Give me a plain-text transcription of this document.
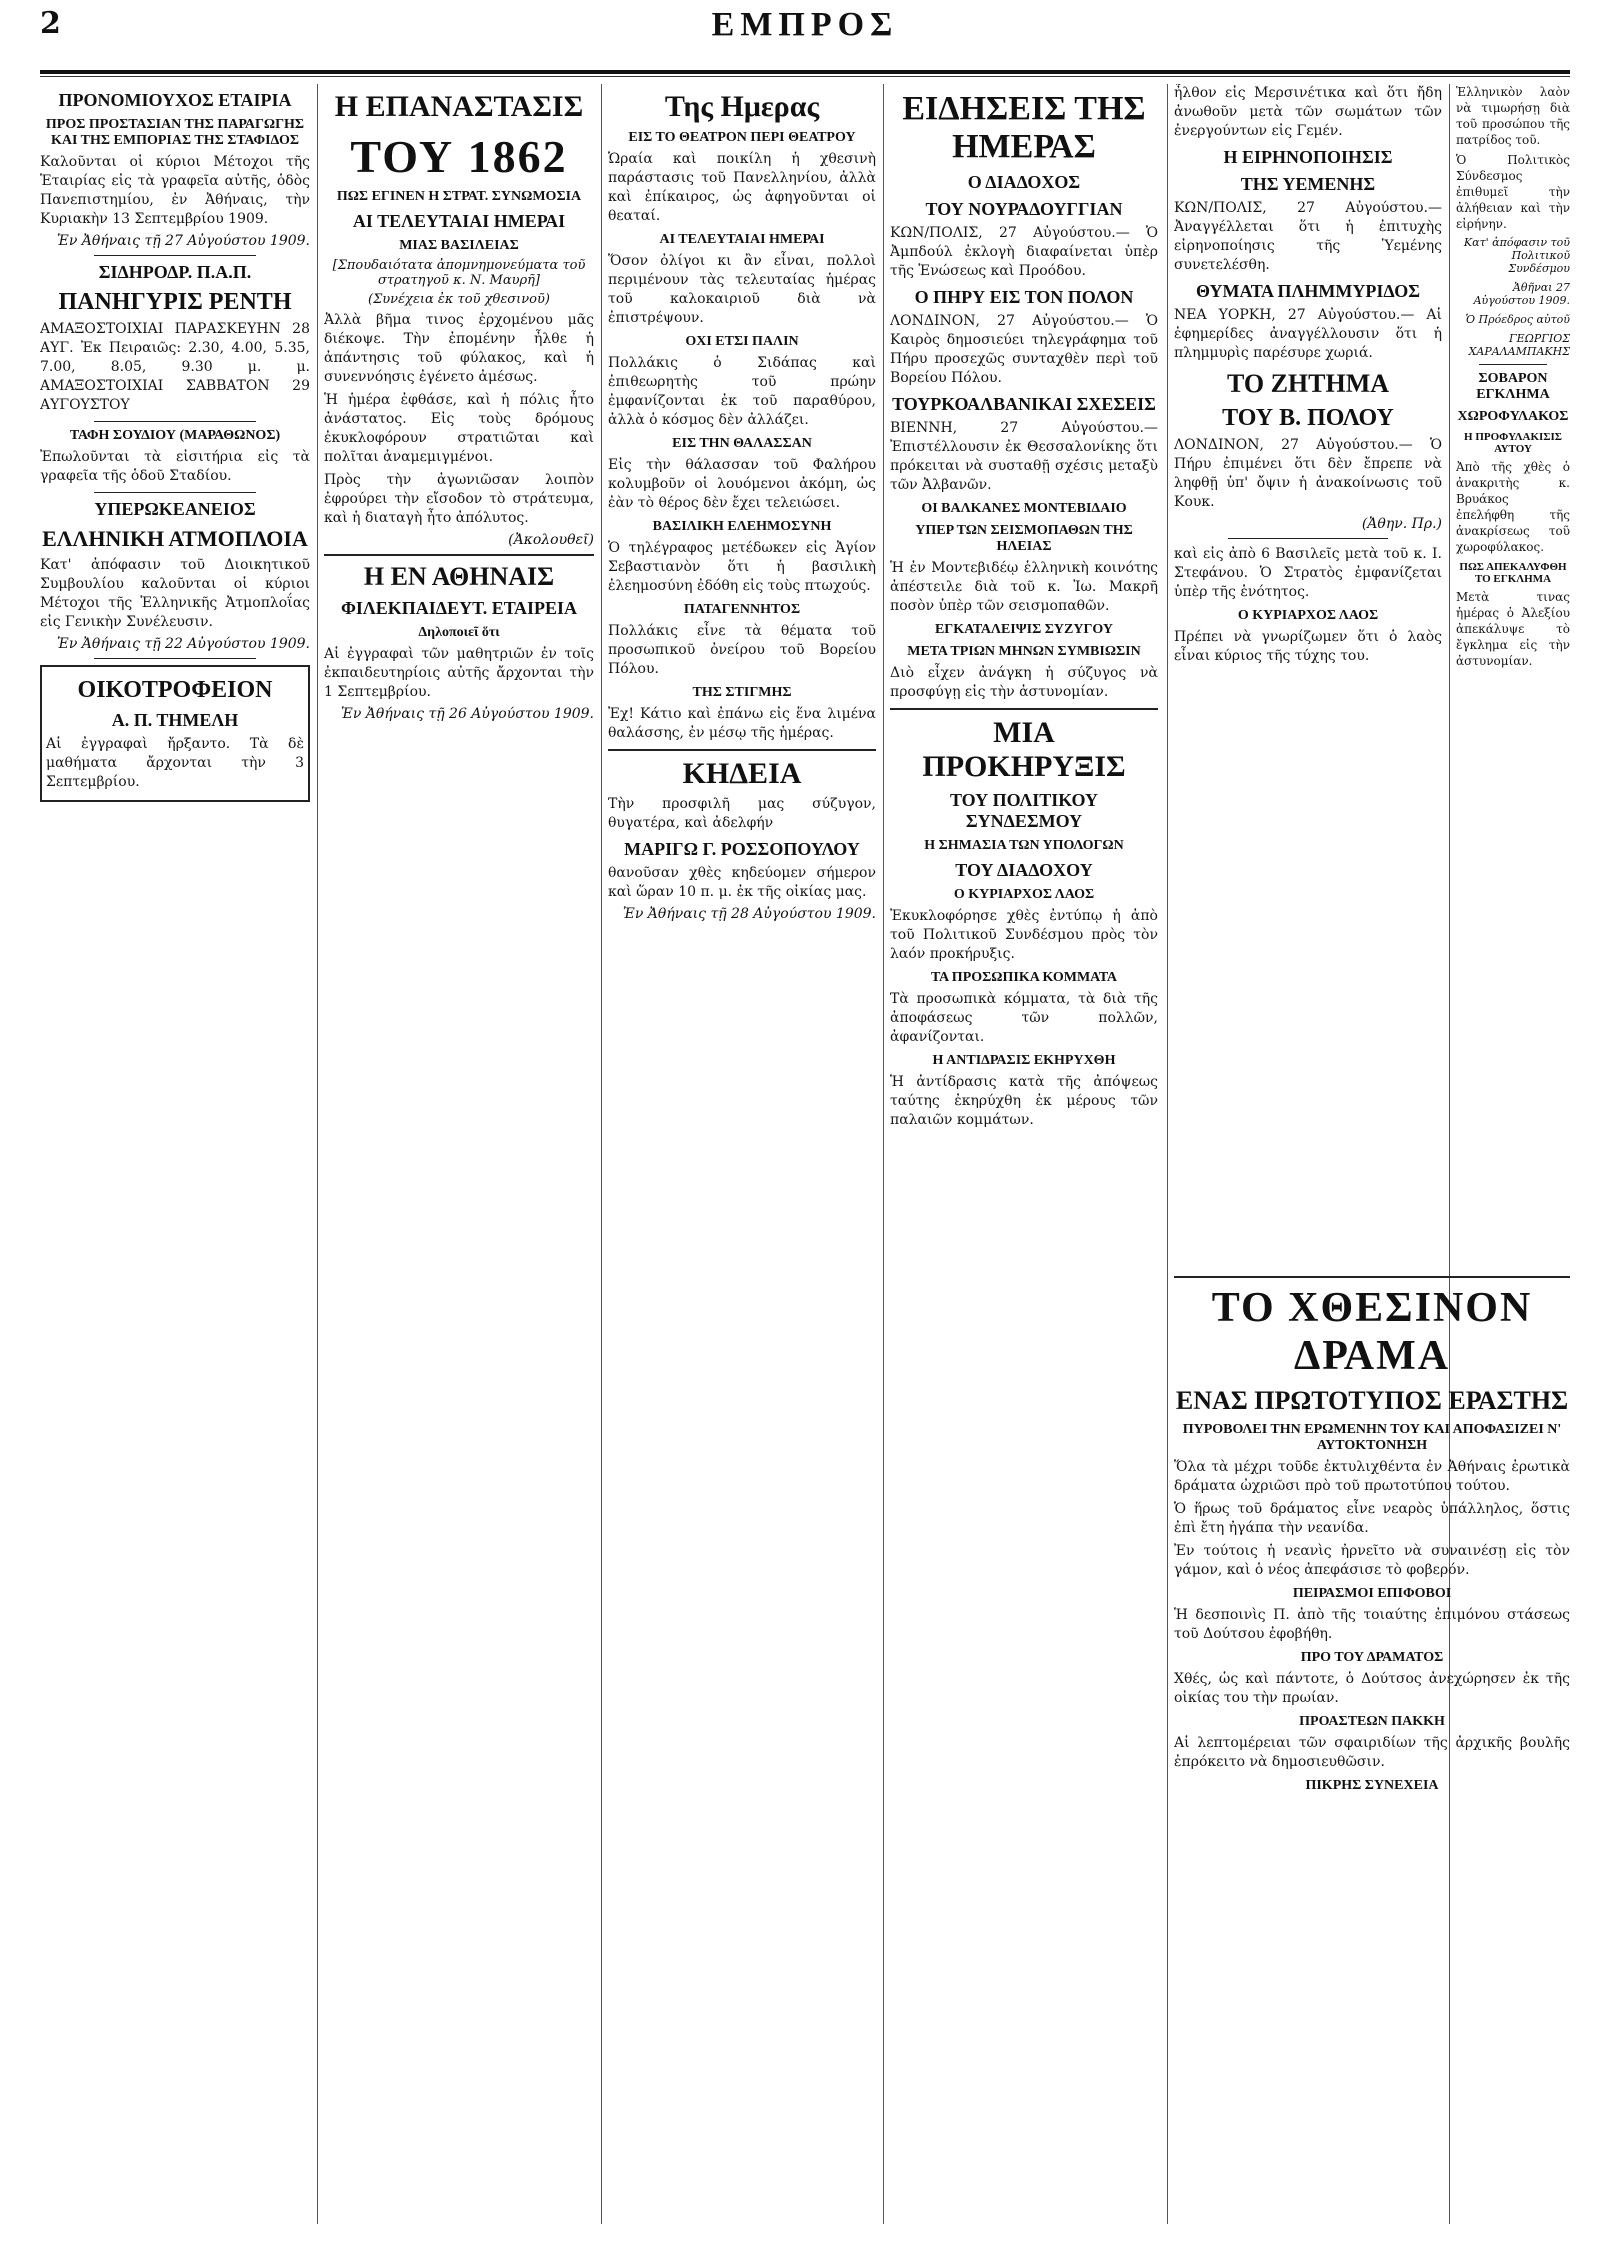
2	ΕΜΠΡΟΣ
ΠΡΟΝΟΜΙΟΥΧΟΣ ΕΤΑΙΡΙΑ
ΠΡΟΣ ΠΡΟΣΤΑΣΙΑΝ ΤΗΣ ΠΑΡΑΓΩΓΗΣ ΚΑΙ ΤΗΣ ΕΜΠΟΡΙΑΣ ΤΗΣ ΣΤΑΦΙΔΟΣ

Καλοῦνται οἱ κύριοι Μέτοχοι τῆς Ἑταιρίας εἰς τὰ γραφεῖα αὐτῆς, ὁδὸς Πανεπιστημίου, ἐν Ἀθήναις, τὴν Κυριακὴν 13 Σεπτεμβρίου 1909.

Ἐν Ἀθήναις τῇ 27 Αὐγούστου 1909.
ΣΙΔΗΡΟΔΡ. Π.Α.Π.
ΠΑΝΗΓΥΡΙΣ ΡΕΝΤΗ

ΑΜΑΞΟΣΤΟΙΧΙΑΙ ΠΑΡΑΣΚΕΥΗΝ 28 ΑΥΓ. Ἐκ Πειραιῶς: 2.30, 4.00, 5.35, 7.00, 8.05, 9.30 μ. μ. ΑΜΑΞΟΣΤΟΙΧΙΑΙ ΣΑΒΒΑΤΟΝ 29 ΑΥΓΟΥΣΤΟΥ

ΤΑΦΗ ΣΟΥΔΙΟΥ (ΜΑΡΑΘΩΝΟΣ)

Ἐπωλοῦνται τὰ εἰσιτήρια εἰς τὰ γραφεῖα τῆς ὁδοῦ Σταδίου.

ΥΠΕΡΩΚΕΑΝΕΙΟΣ
ΕΛΛΗΝΙΚΗ ΑΤΜΟΠΛΟΙΑ

Κατ' ἀπόφασιν τοῦ Διοικητικοῦ Συμβουλίου καλοῦνται οἱ κύριοι Μέτοχοι τῆς Ἑλληνικῆς Ἀτμοπλοΐας εἰς Γενικὴν Συνέλευσιν.

Ἐν Ἀθήναις τῇ 22 Αὐγούστου 1909.
ΟΙΚΟΤΡΟΦΕΙΟΝ
Α. Π. ΤΗΜΕΛΗ

Αἱ ἐγγραφαὶ ἤρξαντο. Τὰ δὲ μαθήματα ἄρχονται τὴν 3 Σεπτεμβρίου.

Η ΕΠΑΝΑΣΤΑΣΙΣ
ΤΟΥ 1862
ΠΩΣ ΕΓΙΝΕΝ Η ΣΤΡΑΤ. ΣΥΝΩΜΟΣΙΑ
ΑΙ ΤΕΛΕΥΤΑΙΑΙ ΗΜΕΡΑΙ
ΜΙΑΣ ΒΑΣΙΛΕΙΑΣ
[Σπουδαιότατα ἀπομνημονεύματα τοῦ στρατηγοῦ κ. Ν. Μαυρῆ]
(Συνέχεια ἐκ τοῦ χθεσινοῦ)

Ἀλλὰ βῆμα τινος ἐρχομένου μᾶς διέκοψε. Τὴν ἐπομένην ἦλθε ἡ ἀπάντησις τοῦ φύλακος, καὶ ἡ συνεννόησις ἐγένετο ἀμέσως.

Ἡ ἡμέρα ἐφθάσε, καὶ ἡ πόλις ἦτο ἀνάστατος. Εἰς τοὺς δρόμους ἐκυκλοφόρουν στρατιῶται καὶ πολῖται ἀναμεμιγμένοι.

Πρὸς τὴν ἀγωνιῶσαν λοιπὸν ἐφρούρει τὴν εἴσοδον τὸ στράτευμα, καὶ ἡ διαταγὴ ἦτο ἀπόλυτος.

(Ἀκολουθεῖ)
Η ΕΝ ΑΘΗΝΑΙΣ
ΦΙΛΕΚΠΑΙΔΕΥΤ. ΕΤΑΙΡΕΙΑ
Δηλοποιεῖ ὅτι

Αἱ ἐγγραφαὶ τῶν μαθητριῶν ἐν τοῖς ἐκπαιδευτηρίοις αὐτῆς ἄρχονται τὴν 1 Σεπτεμβρίου.

Ἐν Ἀθήναις τῇ 26 Αὐγούστου 1909.
Της Ημερας
ΕΙΣ ΤΟ ΘΕΑΤΡΟΝ ΠΕΡΙ ΘΕΑΤΡΟΥ

Ὡραία καὶ ποικίλη ἡ χθεσινὴ παράστασις τοῦ Πανελληνίου, ἀλλὰ καὶ ἐπίκαιρος, ὡς ἀφηγοῦνται οἱ θεαταί.

ΑΙ ΤΕΛΕΥΤΑΙΑΙ ΗΜΕΡΑΙ

Ὅσον ὀλίγοι κι ἂν εἶναι, πολλοὶ περιμένουν τὰς τελευταίας ἡμέρας τοῦ καλοκαιριοῦ διὰ νὰ ἐπιστρέψουν.

ΟΧΙ ΕΤΣΙ ΠΑΛΙΝ

Πολλάκις ὁ Σιδάπας καὶ ἐπιθεωρητὴς τοῦ πρώην ἐμφανίζονται ἐκ τοῦ παραθύρου, ἀλλὰ ὁ κόσμος δὲν ἀλλάζει.

ΕΙΣ ΤΗΝ ΘΑΛΑΣΣΑΝ

Εἰς τὴν θάλασσαν τοῦ Φαλήρου κολυμβοῦν οἱ λουόμενοι ἀκόμη, ὡς ἐὰν τὸ θέρος δὲν ἔχει τελειώσει.

ΒΑΣΙΛΙΚΗ ΕΛΕΗΜΟΣΥΝΗ

Ὁ τηλέγραφος μετέδωκεν εἰς Ἀγίον Σεβαστιανὸν ὅτι ἡ βασιλικὴ ἐλεημοσύνη ἐδόθη εἰς τοὺς πτωχούς.

ΠΑΤΑΓΕΝΝΗΤΟΣ

Πολλάκις εἶνε τὰ θέματα τοῦ προσωπικοῦ ὀνείρου τοῦ Βορείου Πόλου.

ΤΗΣ ΣΤΙΓΜΗΣ

Ἐχ! Κάτιο καὶ ἐπάνω εἰς ἕνα λιμένα θαλάσσης, ἐν μέσῳ τῆς ἡμέρας.

ΚΗΔΕΙΑ

Τὴν προσφιλῆ μας σύζυγον, θυγατέρα, καὶ ἀδελφήν

ΜΑΡΙΓΩ Γ. ΡΟΣΣΟΠΟΥΛΟΥ

θανοῦσαν χθὲς κηδεύομεν σήμερον καὶ ὥραν 10 π. μ. ἐκ τῆς οἰκίας μας.

Ἐν Ἀθήναις τῇ 28 Αὐγούστου 1909.
ΕΙΔΗΣΕΙΣ ΤΗΣ ΗΜΕΡΑΣ
Ο ΔΙΑΔΟΧΟΣ
ΤΟΥ ΝΟΥΡΑΔΟΥΓΓΙΑΝ

ΚΩΝ/ΠΟΛΙΣ, 27 Αὐγούστου.— Ὁ Ἀμπδούλ ἐκλογὴ διαφαίνεται ὑπὲρ τῆς Ἑνώσεως καὶ Προόδου.

Ο ΠΗΡΥ ΕΙΣ ΤΟΝ ΠΟΛΟΝ

ΛΟΝΔΙΝΟΝ, 27 Αὐγούστου.— Ὁ Καιρὸς δημοσιεύει τηλεγράφημα τοῦ Πήρυ προσεχῶς συνταχθὲν περὶ τοῦ Βορείου Πόλου.

ΤΟΥΡΚΟΑΛΒΑΝΙΚΑΙ ΣΧΕΣΕΙΣ

ΒΙΕΝΝΗ, 27 Αὐγούστου.— Ἐπιστέλλουσιν ἐκ Θεσσαλονίκης ὅτι πρόκειται νὰ συσταθῇ σχέσις μεταξὺ τῶν Ἀλβανῶν.

ΟΙ ΒΑΛΚΑΝΕΣ ΜΟΝΤΕΒΙΔΑΙΟ
ΥΠΕΡ ΤΩΝ ΣΕΙΣΜΟΠΑΘΩΝ ΤΗΣ ΗΛΕΙΑΣ

Ἡ ἐν Μοντεβιδέῳ ἑλληνικὴ κοινότης ἀπέστειλε διὰ τοῦ κ. Ἰω. Μακρῆ ποσὸν ὑπὲρ τῶν σεισμοπαθῶν.

ΕΓΚΑΤΑΛΕΙΨΙΣ ΣΥΖΥΓΟΥ
ΜΕΤΑ ΤΡΙΩΝ ΜΗΝΩΝ ΣΥΜΒΙΩΣΙΝ

Διὸ εἶχεν ἀνάγκη ἡ σύζυγος νὰ προσφύγῃ εἰς τὴν ἀστυνομίαν.

ΜΙΑ ΠΡΟΚΗΡΥΞΙΣ
ΤΟΥ ΠΟΛΙΤΙΚΟΥ ΣΥΝΔΕΣΜΟΥ
Η ΣΗΜΑΣΙΑ ΤΩΝ ΥΠΟΛΟΓΩΝ
ΤΟΥ ΔΙΑΔΟΧΟΥ
Ο ΚΥΡΙΑΡΧΟΣ ΛΑΟΣ

Ἐκυκλοφόρησε χθὲς ἐντύπῳ ἡ ἀπὸ τοῦ Πολιτικοῦ Συνδέσμου πρὸς τὸν λαόν προκήρυξις.

ΤΑ ΠΡΟΣΩΠΙΚΑ ΚΟΜΜΑΤΑ

Τὰ προσωπικὰ κόμματα, τὰ διὰ τῆς ἀποφάσεως τῶν πολλῶν, ἀφανίζονται.

Η ΑΝΤΙΔΡΑΣΙΣ ΕΚΗΡΥΧΘΗ

Ἡ ἀντίδρασις κατὰ τῆς ἀπόψεως ταύτης ἐκηρύχθη ἐκ μέρους τῶν παλαιῶν κομμάτων.

ἦλθον εἰς Μερσινέτικα καὶ ὅτι ἤδη ἀνωθοῦν μετὰ τῶν σωμάτων τῶν ἐνεργούντων εἰς Γεμέν.

Η ΕΙΡΗΝΟΠΟΙΗΣΙΣ
ΤΗΣ ΥΕΜΕΝΗΣ

ΚΩΝ/ΠΟΛΙΣ, 27 Αὐγούστου.— Ἀναγγέλλεται ὅτι ἡ ἐπιτυχὴς εἰρηνοποίησις τῆς Ὑεμένης συνετελέσθη.

ΘΥΜΑΤΑ ΠΛΗΜΜΥΡΙΔΟΣ

ΝΕΑ ΥΟΡΚΗ, 27 Αὐγούστου.— Αἱ ἐφημερίδες ἀναγγέλλουσιν ὅτι ἡ πλημμυρὶς παρέσυρε χωριά.

ΤΟ ΖΗΤΗΜΑ
ΤΟΥ Β. ΠΟΛΟΥ

ΛΟΝΔΙΝΟΝ, 27 Αὐγούστου.— Ὁ Πήρυ ἐπιμένει ὅτι δὲν ἔπρεπε νὰ ληφθῇ ὑπ' ὄψιν ἡ ἀνακοίνωσις τοῦ Κουκ.

(Ἀθην. Πρ.)

καὶ εἰς ἀπὸ 6 Βασιλεῖς μετὰ τοῦ κ. Ι. Στεφάνου. Ὁ Στρατὸς ἐμφανίζεται ὑπὲρ τῆς ἑνότητος.

Ο ΚΥΡΙΑΡΧΟΣ ΛΑΟΣ

Πρέπει νὰ γνωρίζωμεν ὅτι ὁ λαὸς εἶναι κύριος τῆς τύχης του.

Ἑλληνικὸν λαὸν νὰ τιμωρήσῃ διὰ τοῦ προσώπου τῆς πατρίδος τοῦ.

Ὁ Πολιτικὸς Σύνδεσμος ἐπιθυμεῖ τὴν ἀλήθειαν καὶ τὴν εἰρήνην.

Κατ' ἀπόφασιν τοῦ Πολιτικοῦ Συνδέσμου
Ἀθῆναι 27 Αὐγούστου 1909.
Ὁ Πρόεδρος αὐτοῦ
ΓΕΩΡΓΙΟΣ ΧΑΡΑΛΑΜΠΑΚΗΣ
ΣΟΒΑΡΟΝ ΕΓΚΛΗΜΑ
ΧΩΡΟΦΥΛΑΚΟΣ
Η ΠΡΟΦΥΛΑΚΙΣΙΣ ΑΥΤΟΥ

Ἀπὸ τῆς χθὲς ὁ ἀνακριτὴς κ. Βρυάκος ἐπελήφθη τῆς ἀνακρίσεως τοῦ χωροφύλακος.

ΠΩΣ ΑΠΕΚΑΛΥΦΘΗ ΤΟ ΕΓΚΛΗΜΑ

Μετὰ τινας ἡμέρας ὁ Ἀλεξίου ἀπεκάλυψε τὸ ἔγκλημα εἰς τὴν ἀστυνομίαν.

ΤΟ ΧΘΕΣΙΝΟΝ ΔΡΑΜΑ
ΕΝΑΣ ΠΡΩΤΟΤΥΠΟΣ ΕΡΑΣΤΗΣ
ΠΥΡΟΒΟΛΕΙ ΤΗΝ ΕΡΩΜΕΝΗΝ ΤΟΥ ΚΑΙ ΑΠΟΦΑΣΙΖΕΙ Ν' ΑΥΤΟΚΤΟΝΗΣΗ

Ὅλα τὰ μέχρι τοῦδε ἐκτυλιχθέντα ἐν Ἀθήναις ἐρωτικὰ δράματα ὠχριῶσι πρὸ τοῦ πρωτοτύπου τούτου.

Ὁ ἥρως τοῦ δράματος εἶνε νεαρὸς ὑπάλληλος, ὅστις ἐπὶ ἔτη ἠγάπα τὴν νεανίδα.

Ἐν τούτοις ἡ νεανὶς ἠρνεῖτο νὰ συναινέσῃ εἰς τὸν γάμον, καὶ ὁ νέος ἀπεφάσισε τὸ φοβερόν.

ΠΕΙΡΑΣΜΟΙ ΕΠΙΦΟΒΟΙ

Ἡ δεσποινὶς Π. ἀπὸ τῆς τοιαύτης ἐπιμόνου στάσεως τοῦ Δούτσου ἐφοβήθη.

ΠΡΟ ΤΟΥ ΔΡΑΜΑΤΟΣ

Χθές, ὡς καὶ πάντοτε, ὁ Δούτσος ἀνεχώρησεν ἐκ τῆς οἰκίας του τὴν πρωίαν.

ΠΡΟΑΣΤΕΩΝ ΠΑΚΚΗ

Αἱ λεπτομέρειαι τῶν σφαιριδίων τῆς ἀρχικῆς βουλῆς ἐπρόκειτο νὰ δημοσιευθῶσιν.

ΠΙΚΡΗΣ ΣΥΝΕΧΕΙΑ
